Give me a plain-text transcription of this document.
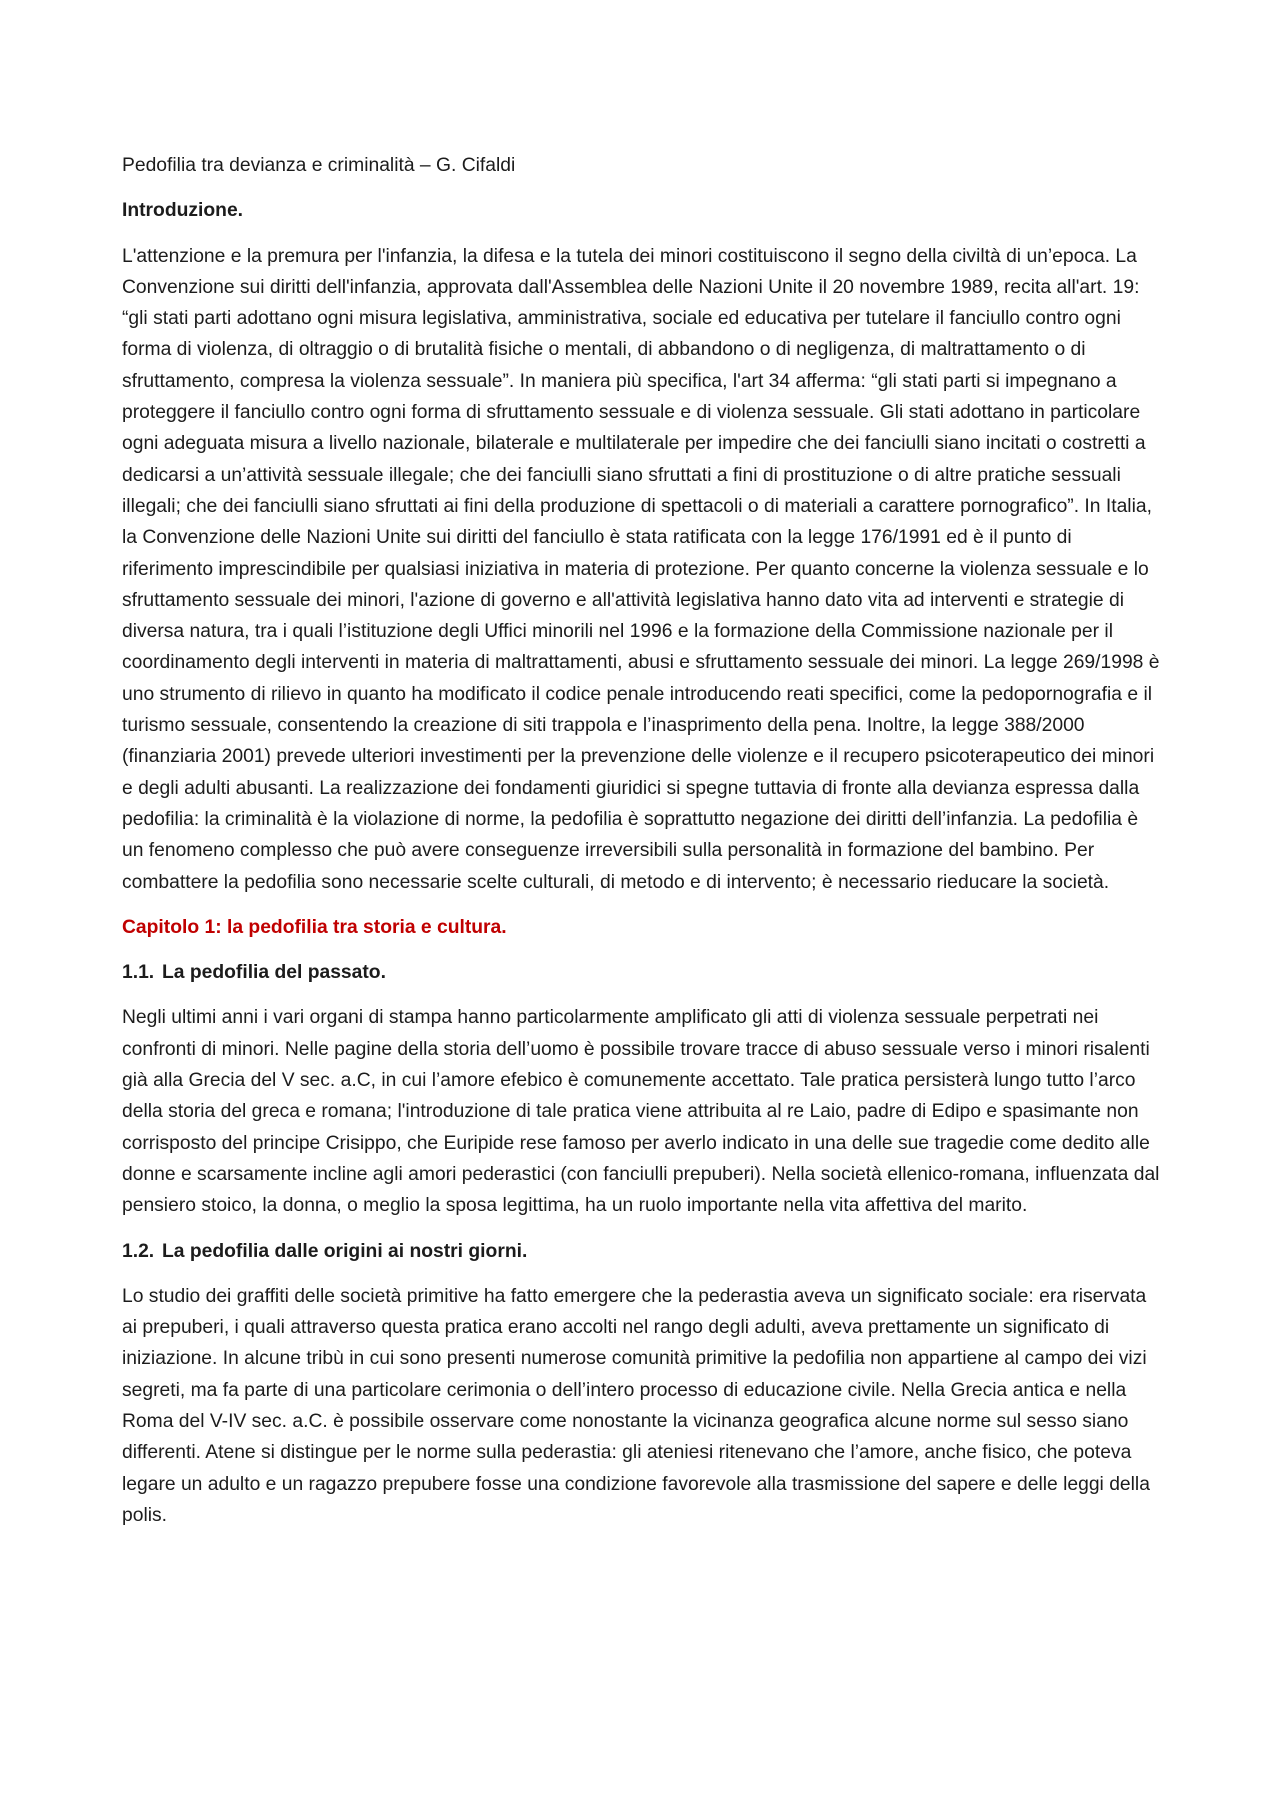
Pedofilia tra devianza e criminalità – G. Cifaldi

Introduzione.

L'attenzione e la premura per l'infanzia, la difesa e la tutela dei minori costituiscono il segno della civiltà di un’epoca. La Convenzione sui diritti dell'infanzia, approvata dall'Assemblea delle Nazioni Unite il 20 novembre 1989, recita all'art. 19: “gli stati parti adottano ogni misura legislativa, amministrativa, sociale ed educativa per tutelare il fanciullo contro ogni forma di violenza, di oltraggio o di brutalità fisiche o mentali, di abbandono o di negligenza, di maltrattamento o di sfruttamento, compresa la violenza sessuale”. In maniera più specifica, l'art 34 afferma: “gli stati parti si impegnano a proteggere il fanciullo contro ogni forma di sfruttamento sessuale e di violenza sessuale. Gli stati adottano in particolare ogni adeguata misura a livello nazionale, bilaterale e multilaterale per impedire che dei fanciulli siano incitati o costretti a dedicarsi a un’attività sessuale illegale; che dei fanciulli siano sfruttati a fini di prostituzione o di altre pratiche sessuali illegali; che dei fanciulli siano sfruttati ai fini della produzione di spettacoli o di materiali a carattere pornografico”. In Italia, la Convenzione delle Nazioni Unite sui diritti del fanciullo è stata ratificata con la legge 176/1991 ed è il punto di riferimento imprescindibile per qualsiasi iniziativa in materia di protezione. Per quanto concerne la violenza sessuale e lo sfruttamento sessuale dei minori, l'azione di governo e all'attività legislativa hanno dato vita ad interventi e strategie di diversa natura, tra i quali l’istituzione degli Uffici minorili nel 1996 e la formazione della Commissione nazionale per il coordinamento degli interventi in materia di maltrattamenti, abusi e sfruttamento sessuale dei minori. La legge 269/1998 è uno strumento di rilievo in quanto ha modificato il codice penale introducendo reati specifici, come la pedopornografia e il turismo sessuale, consentendo la creazione di siti trappola e l’inasprimento della pena. Inoltre, la legge 388/2000 (finanziaria 2001) prevede ulteriori investimenti per la prevenzione delle violenze e il recupero psicoterapeutico dei minori e degli adulti abusanti. La realizzazione dei fondamenti giuridici si spegne tuttavia di fronte alla devianza espressa dalla pedofilia: la criminalità è la violazione di norme, la pedofilia è soprattutto negazione dei diritti dell’infanzia. La pedofilia è un fenomeno complesso che può avere conseguenze irreversibili sulla personalità in formazione del bambino. Per combattere la pedofilia sono necessarie scelte culturali, di metodo e di intervento; è necessario rieducare la società.

Capitolo 1: la pedofilia tra storia e cultura.

1.1. La pedofilia del passato.

Negli ultimi anni i vari organi di stampa hanno particolarmente amplificato gli atti di violenza sessuale perpetrati nei confronti di minori. Nelle pagine della storia dell’uomo è possibile trovare tracce di abuso sessuale verso i minori risalenti già alla Grecia del V sec. a.C, in cui l’amore efebico è comunemente accettato. Tale pratica persisterà lungo tutto l’arco della storia del greca e romana; l'introduzione di tale pratica viene attribuita al re Laio, padre di Edipo e spasimante non corrisposto del principe Crisippo, che Euripide rese famoso per averlo indicato in una delle sue tragedie come dedito alle donne e scarsamente incline agli amori pederastici (con fanciulli prepuberi). Nella società ellenico-romana, influenzata dal pensiero stoico, la donna, o meglio la sposa legittima, ha un ruolo importante nella vita affettiva del marito.

1.2. La pedofilia dalle origini ai nostri giorni.

Lo studio dei graffiti delle società primitive ha fatto emergere che la pederastia aveva un significato sociale: era riservata ai prepuberi, i quali attraverso questa pratica erano accolti nel rango degli adulti, aveva prettamente un significato di iniziazione. In alcune tribù in cui sono presenti numerose comunità primitive la pedofilia non appartiene al campo dei vizi segreti, ma fa parte di una particolare cerimonia o dell’intero processo di educazione civile. Nella Grecia antica e nella Roma del V-IV sec. a.C. è possibile osservare come nonostante la vicinanza geografica alcune norme sul sesso siano differenti. Atene si distingue per le norme sulla pederastia: gli ateniesi ritenevano che l’amore, anche fisico, che poteva legare un adulto e un ragazzo prepubere fosse una condizione favorevole alla trasmissione del sapere e delle leggi della polis.
